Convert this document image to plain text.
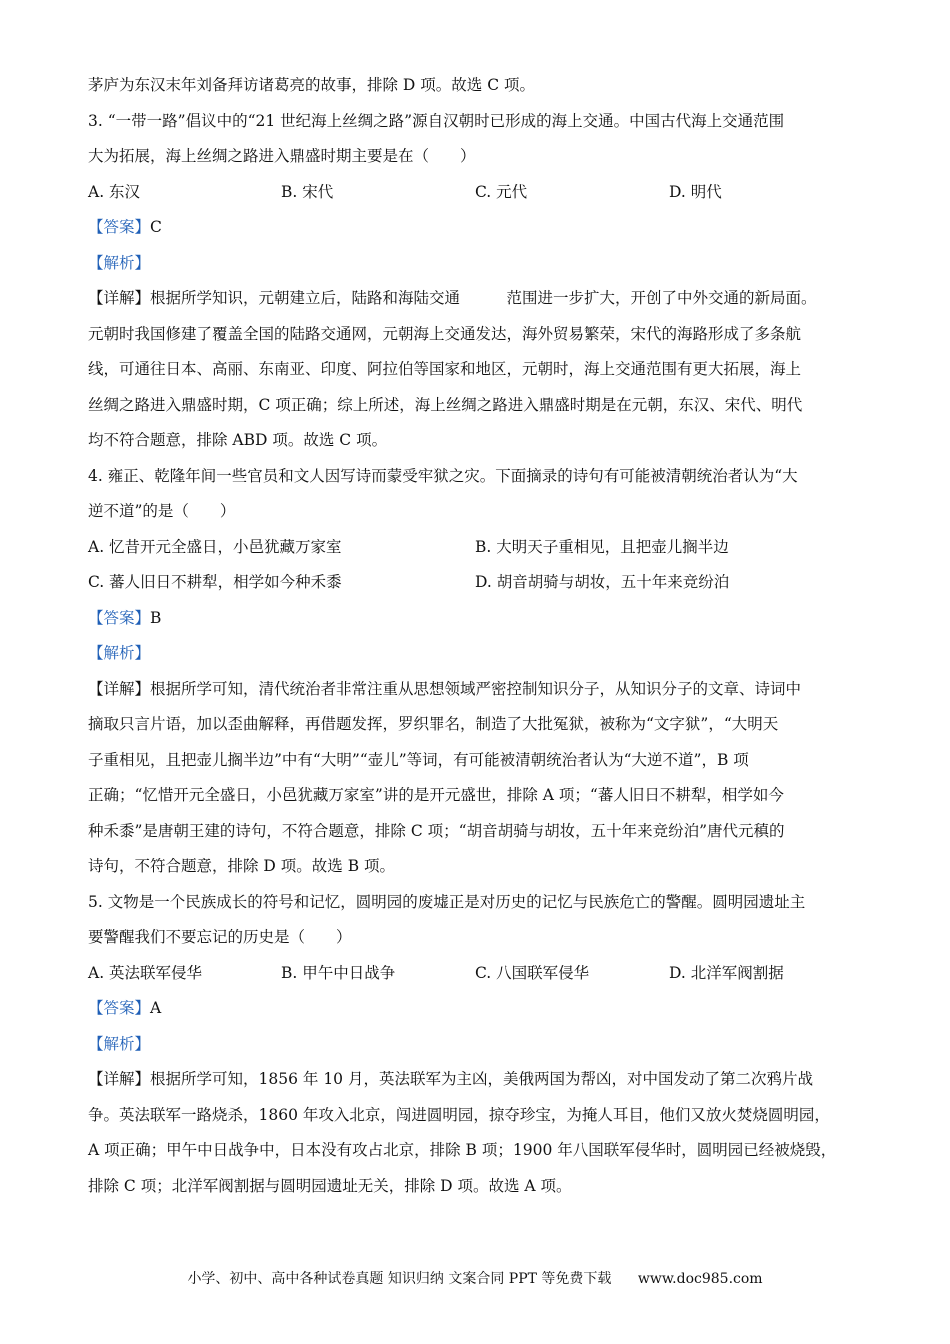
茅庐为东汉末年刘备拜访诸葛亮的故事，排除 D 项。故选 C 项。
3. “一带一路”倡议中的“21 世纪海上丝绸之路”源自汉朝时已形成的海上交通。中国古代海上交通范围
大为拓展，海上丝绸之路进入鼎盛时期主要是在（　　）
A. 东汉	B. 宋代	C. 元代	D. 明代
【答案】C
【解析】
【详解】根据所学知识，元朝建立后，陆路和海陆交通　　　范围进一步扩大，开创了中外交通的新局面。
元朝时我国修建了覆盖全国的陆路交通网，元朝海上交通发达，海外贸易繁荣，宋代的海路形成了多条航
线，可通往日本、高丽、东南亚、印度、阿拉伯等国家和地区，元朝时，海上交通范围有更大拓展，海上
丝绸之路进入鼎盛时期，C 项正确；综上所述，海上丝绸之路进入鼎盛时期是在元朝，东汉、宋代、明代
均不符合题意，排除 ABD 项。故选 C 项。
4. 雍正、乾隆年间一些官员和文人因写诗而蒙受牢狱之灾。下面摘录的诗句有可能被清朝统治者认为“大
逆不道”的是（　　）
A. 忆昔开元全盛日，小邑犹藏万家室	B. 大明天子重相见，且把壶儿搁半边
C. 蕃人旧日不耕犁，相学如今种禾黍	D. 胡音胡骑与胡妆，五十年来竞纷泊
【答案】B
【解析】
【详解】根据所学可知，清代统治者非常注重从思想领域严密控制知识分子，从知识分子的文章、诗词中
摘取只言片语，加以歪曲解释，再借题发挥，罗织罪名，制造了大批冤狱，被称为“文字狱”，“大明天
子重相见，且把壶儿搁半边”中有“大明”“壶儿”等词，有可能被清朝统治者认为“大逆不道”，B 项
正确；“忆惜开元全盛日，小邑犹藏万家室”讲的是开元盛世，排除 A 项；“蕃人旧日不耕犁，相学如今
种禾黍”是唐朝王建的诗句，不符合题意，排除 C 项；“胡音胡骑与胡妆，五十年来竞纷泊”唐代元稹的
诗句，不符合题意，排除 D 项。故选 B 项。
5. 文物是一个民族成长的符号和记忆，圆明园的废墟正是对历史的记忆与民族危亡的警醒。圆明园遗址主
要警醒我们不要忘记的历史是（　　）
A. 英法联军侵华	B. 甲午中日战争	C. 八国联军侵华	D. 北洋军阀割据
【答案】A
【解析】
【详解】根据所学可知，1856 年 10 月，英法联军为主凶，美俄两国为帮凶，对中国发动了第二次鸦片战
争。英法联军一路烧杀，1860 年攻入北京，闯进圆明园，掠夺珍宝，为掩人耳目，他们又放火焚烧圆明园，
A 项正确；甲午中日战争中，日本没有攻占北京，排除 B 项；1900 年八国联军侵华时，圆明园已经被烧毁，
排除 C 项；北洋军阀割据与圆明园遗址无关，排除 D 项。故选 A 项。
小学、初中、高中各种试卷真题 知识归纳 文案合同 PPT 等免费下载 www.doc985.com
